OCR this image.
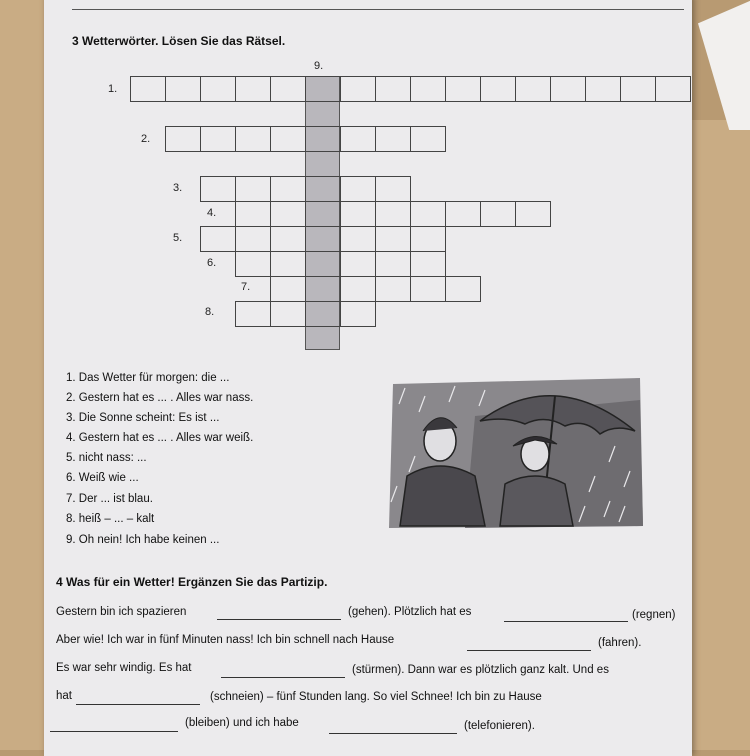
3 Wetterwörter. Lösen Sie das Rätsel.
9.
1.
2.
3.
4.
5.
6.
7.
8.
1. Das Wetter für morgen: die ...
2. Gestern hat es ... . Alles war nass.
3. Die Sonne scheint: Es ist ...
4. Gestern hat es ... . Alles war weiß.
5. nicht nass: ...
6. Weiß wie ...
7. Der ... ist blau.
8. heiß – ... – kalt
9. Oh nein! Ich habe keinen ...
4 Was für ein Wetter! Ergänzen Sie das Partizip.
Gestern bin ich spazieren	(gehen). Plötzlich hat es	(regnen)
Aber wie! Ich war in fünf Minuten nass! Ich bin schnell nach Hause	(fahren).
Es war sehr windig. Es hat	(stürmen). Dann war es plötzlich ganz kalt. Und es
hat	(schneien) – fünf Stunden lang. So viel Schnee! Ich bin zu Hause
(bleiben) und ich habe	(telefonieren).
